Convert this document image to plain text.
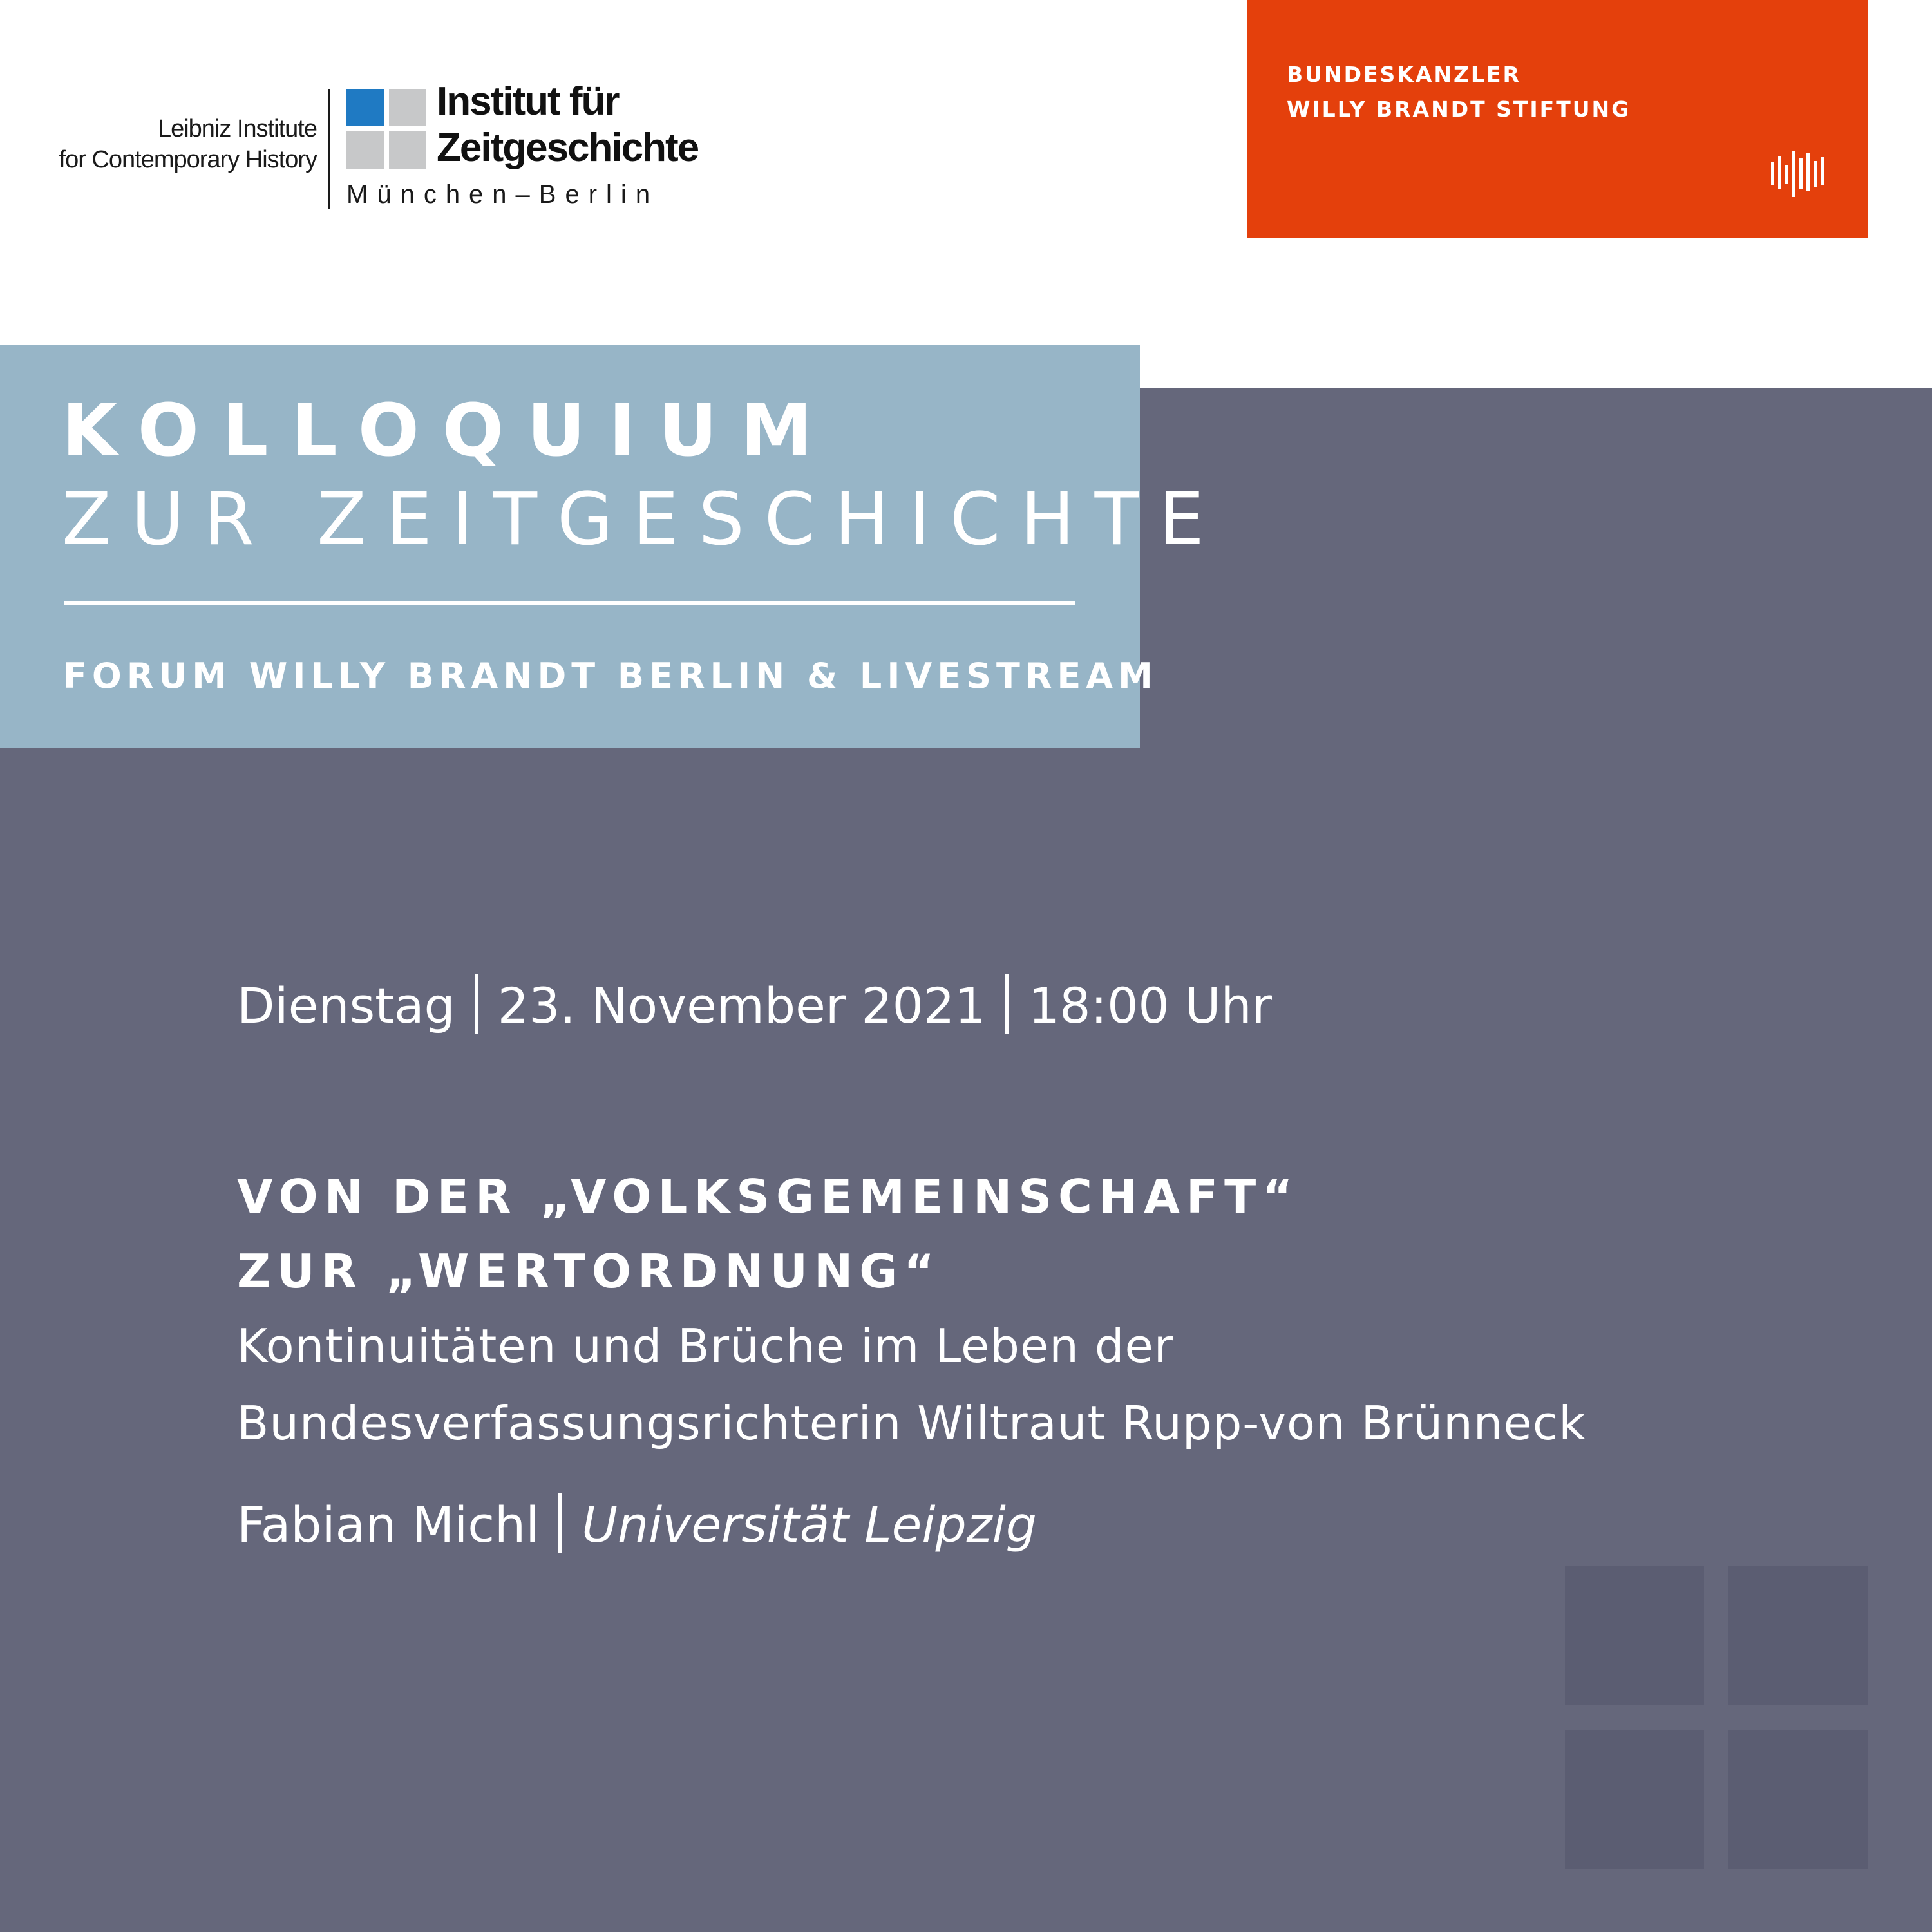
Leibniz Institute
for Contemporary History
Institut für
Zeitgeschichte
München–Berlin
BUNDESKANZLER
WILLY BRANDT STIFTUNG
KOLLOQUIUM
ZUR ZEITGESCHICHTE
FORUM WILLY BRANDT BERLIN & LIVESTREAM
Dienstag 23. November 2021 18:00 Uhr
VON DER „VOLKSGEMEINSCHAFT“
ZUR „WERTORDNUNG“
Kontinuitäten und Brüche im Leben der
Bundesverfassungsrichterin Wiltraut Rupp-von Brünneck
Fabian Michl Universität Leipzig
